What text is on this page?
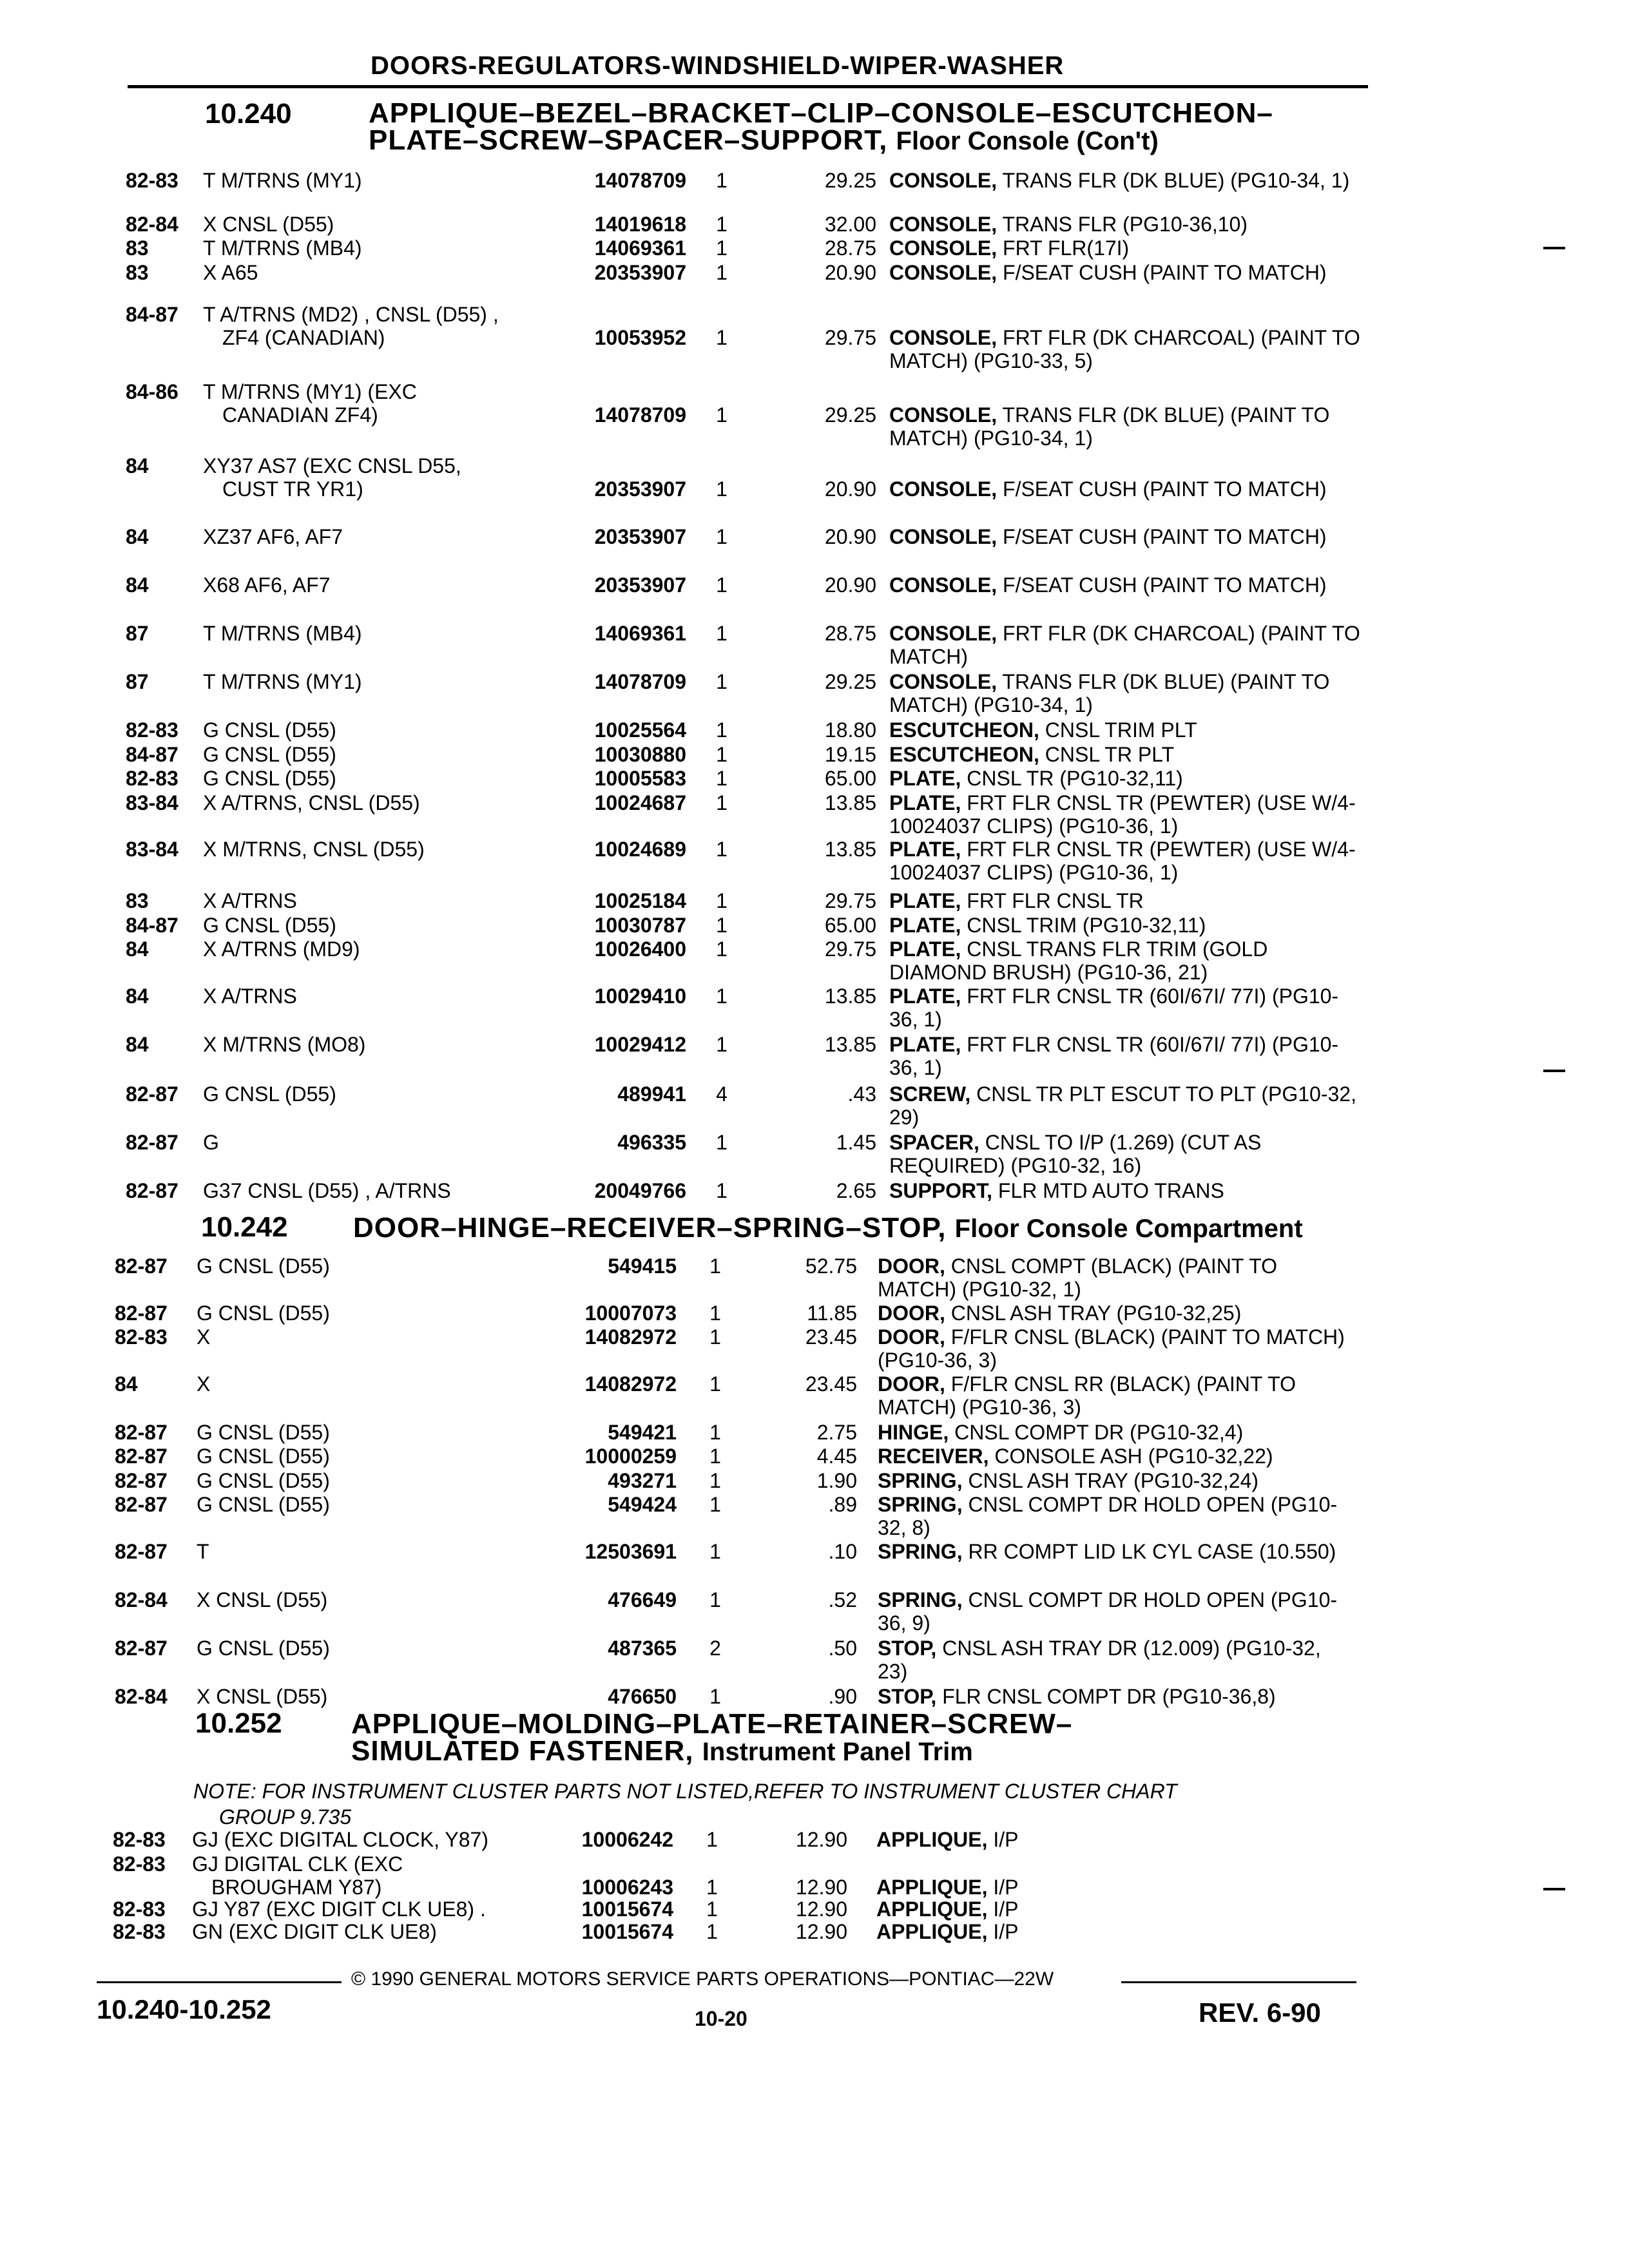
DOORS-REGULATORS-WINDSHIELD-WIPER-WASHER
10.240	APPLIQUE–BEZEL–BRACKET–CLIP–CONSOLE–ESCUTCHEON–
PLATE–SCREW–SPACER–SUPPORT, Floor Console (Con't)
82-83 T M/TRNS (MY1)	14078709	1	29.25 CONSOLE, TRANS FLR (DK BLUE) (PG10-34, 1)
82-84 X CNSL (D55)	14019618	1	32.00 CONSOLE, TRANS FLR (PG10-36,10)
83	T M/TRNS (MB4)	14069361	1	28.75 CONSOLE, FRT FLR(17I)
83	X A65	20353907	1	20.90 CONSOLE, F/SEAT CUSH (PAINT TO MATCH)
84-87 T A/TRNS (MD2) , CNSL (D55) ,
ZF4 (CANADIAN)	10053952	1	29.75 CONSOLE, FRT FLR (DK CHARCOAL) (PAINT TO MATCH) (PG10-33, 5)
84-86 T M/TRNS (MY1) (EXC
CANADIAN ZF4)	14078709	1	29.25 CONSOLE, TRANS FLR (DK BLUE) (PAINT TO MATCH) (PG10-34, 1)
84	XY37 AS7 (EXC CNSL D55,
CUST TR YR1)	20353907	1	20.90 CONSOLE, F/SEAT CUSH (PAINT TO MATCH)
84	XZ37 AF6, AF7	20353907	1	20.90 CONSOLE, F/SEAT CUSH (PAINT TO MATCH)
84	X68 AF6, AF7	20353907	1	20.90 CONSOLE, F/SEAT CUSH (PAINT TO MATCH)
87	T M/TRNS (MB4)	14069361	1	28.75 CONSOLE, FRT FLR (DK CHARCOAL) (PAINT TO MATCH)
87	T M/TRNS (MY1)	14078709	1	29.25 CONSOLE, TRANS FLR (DK BLUE) (PAINT TO MATCH) (PG10-34, 1)
82-83 G CNSL (D55)	10025564	1	18.80 ESCUTCHEON, CNSL TRIM PLT
84-87 G CNSL (D55)	10030880	1	19.15 ESCUTCHEON, CNSL TR PLT
82-83 G CNSL (D55)	10005583	1	65.00 PLATE, CNSL TR (PG10-32,11)
83-84 X A/TRNS, CNSL (D55)	10024687	1	13.85 PLATE, FRT FLR CNSL TR (PEWTER) (USE W/4-10024037 CLIPS) (PG10-36, 1)
83-84 X M/TRNS, CNSL (D55)	10024689	1	13.85 PLATE, FRT FLR CNSL TR (PEWTER) (USE W/4-10024037 CLIPS) (PG10-36, 1)
83	X A/TRNS	10025184	1	29.75 PLATE, FRT FLR CNSL TR
84-87 G CNSL (D55)	10030787	1	65.00 PLATE, CNSL TRIM (PG10-32,11)
84	X A/TRNS (MD9)	10026400	1	29.75 PLATE, CNSL TRANS FLR TRIM (GOLD DIAMOND BRUSH) (PG10-36, 21)
84	X A/TRNS	10029410	1	13.85 PLATE, FRT FLR CNSL TR (60I/67I/ 77I) (PG10-36, 1)
84	X M/TRNS (MO8)	10029412	1	13.85 PLATE, FRT FLR CNSL TR (60I/67I/ 77I) (PG10-36, 1)
82-87 G CNSL (D55)	489941	4	.43 SCREW, CNSL TR PLT ESCUT TO PLT (PG10-32, 29)
82-87 G	496335	1	1.45 SPACER, CNSL TO I/P (1.269) (CUT AS REQUIRED) (PG10-32, 16)
82-87 G37 CNSL (D55) , A/TRNS	20049766	1	2.65 SUPPORT, FLR MTD AUTO TRANS
10.242 DOOR–HINGE–RECEIVER–SPRING–STOP, Floor Console Compartment
82-87 G CNSL (D55)	549415	1	52.75 DOOR, CNSL COMPT (BLACK) (PAINT TO MATCH) (PG10-32, 1)
82-87 G CNSL (D55)	10007073	1	11.85 DOOR, CNSL ASH TRAY (PG10-32,25)
82-83 X	14082972	1	23.45 DOOR, F/FLR CNSL (BLACK) (PAINT TO MATCH) (PG10-36, 3)
84	X	14082972	1	23.45 DOOR, F/FLR CNSL RR (BLACK) (PAINT TO MATCH) (PG10-36, 3)
82-87 G CNSL (D55)	549421	1	2.75 HINGE, CNSL COMPT DR (PG10-32,4)
82-87 G CNSL (D55)	10000259	1	4.45 RECEIVER, CONSOLE ASH (PG10-32,22)
82-87 G CNSL (D55)	493271	1	1.90 SPRING, CNSL ASH TRAY (PG10-32,24)
82-87 G CNSL (D55)	549424	1	.89 SPRING, CNSL COMPT DR HOLD OPEN (PG10-32, 8)
82-87 T	12503691	1	.10 SPRING, RR COMPT LID LK CYL CASE (10.550)
82-84 X CNSL (D55)	476649	1	.52 SPRING, CNSL COMPT DR HOLD OPEN (PG10-36, 9)
82-87 G CNSL (D55)	487365	2	.50 STOP, CNSL ASH TRAY DR (12.009) (PG10-32, 23)
82-84 X CNSL (D55)	476650	1	.90 STOP, FLR CNSL COMPT DR (PG10-36,8)
10.252 APPLIQUE–MOLDING–PLATE–RETAINER–SCREW–
SIMULATED FASTENER, Instrument Panel Trim
NOTE: FOR INSTRUMENT CLUSTER PARTS NOT LISTED,REFER TO INSTRUMENT CLUSTER CHART
GROUP 9.735
82-83 GJ (EXC DIGITAL CLOCK, Y87)	10006242	1	12.90 APPLIQUE, I/P
82-83 GJ DIGITAL CLK (EXC
BROUGHAM Y87)	10006243	1	12.90 APPLIQUE, I/P
82-83 GJ Y87 (EXC DIGIT CLK UE8) .	10015674	1	12.90 APPLIQUE, I/P
82-83 GN (EXC DIGIT CLK UE8)	10015674	1	12.90 APPLIQUE, I/P
© 1990 GENERAL MOTORS SERVICE PARTS OPERATIONS—PONTIAC—22W
10.240-10.252	10-20	REV. 6-90
